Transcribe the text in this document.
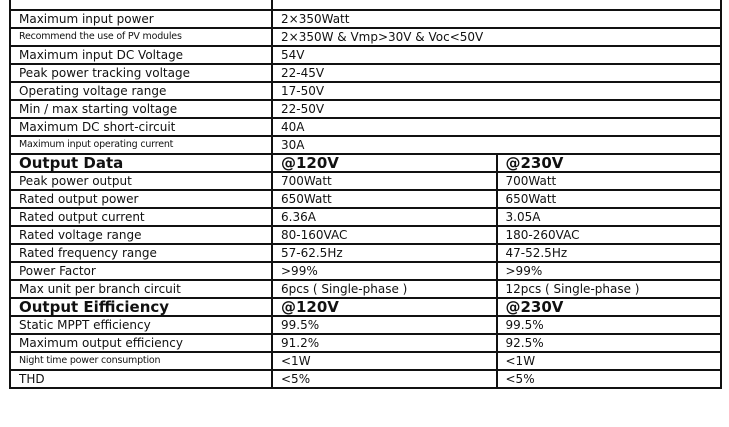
Maximum input power	2×350Watt	
Recommend the use of PV modules	2×350W & Vmp>30V & Voc<50V	
Maximum input DC Voltage	54V	
Peak power tracking voltage	22-45V	
Operating voltage range	17-50V	
Min / max starting voltage	22-50V	
Maximum DC short-circuit	40A	
Maximum input operating current	30A	
Output Data	@120V	@230V
Peak power output	700Watt	700Watt
Rated output power	650Watt	650Watt
Rated output current	6.36A	3.05A
Rated voltage range	80-160VAC	180-260VAC
Rated frequency range	57-62.5Hz	47-52.5Hz
Power Factor	>99%	>99%
Max unit per branch circuit	6pcs ( Single-phase )	12pcs ( Single-phase )
Output Eifficiency	@120V	@230V
Static MPPT efficiency	99.5%	99.5%
Maximum output efficiency	91.2%	92.5%
Night time power consumption	<1W	<1W
THD	<5%	<5%
